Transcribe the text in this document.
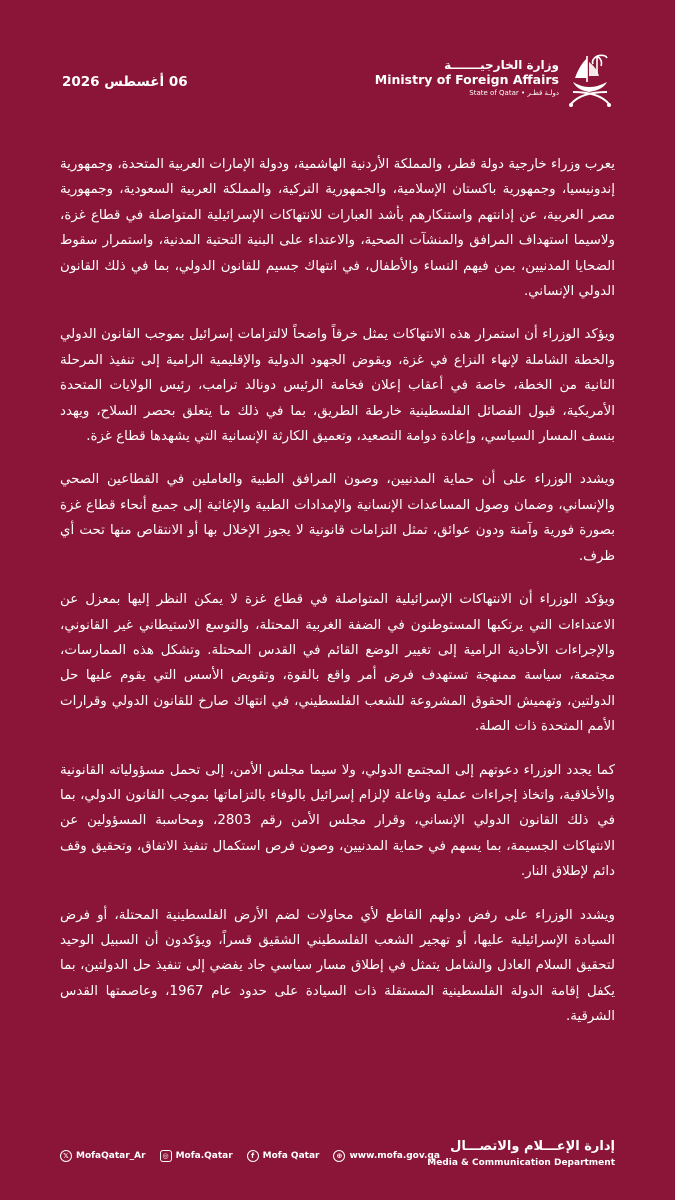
06 أغسطس 2026
وزارة الخارجيـــــــة
Ministry of Foreign Affairs
State of Qatar • دولـة قطـر

يعرب وزراء خارجية دولة قطر، والمملكة الأردنية الهاشمية، ودولة الإمارات العربية المتحدة، وجمهورية إندونيسيا، وجمهورية باكستان الإسلامية، والجمهورية التركية، والمملكة العربية السعودية، وجمهورية مصر العربية، عن إدانتهم واستنكارهم بأشد العبارات للانتهاكات الإسرائيلية المتواصلة في قطاع غزة، ولاسيما استهداف المرافق والمنشآت الصحية، والاعتداء على البنية التحتية المدنية، واستمرار سقوط الضحايا المدنيين، بمن فيهم النساء والأطفال، في انتهاك جسيم للقانون الدولي، بما في ذلك القانون الدولي الإنساني.

ويؤكد الوزراء أن استمرار هذه الانتهاكات يمثل خرقاً واضحاً لالتزامات إسرائيل بموجب القانون الدولي والخطة الشاملة لإنهاء النزاع في غزة، ويقوض الجهود الدولية والإقليمية الرامية إلى تنفيذ المرحلة الثانية من الخطة، خاصة في أعقاب إعلان فخامة الرئيس دونالد ترامب، رئيس الولايات المتحدة الأمريكية، قبول الفصائل الفلسطينية خارطة الطريق، بما في ذلك ما يتعلق بحصر السلاح، ويهدد بنسف المسار السياسي، وإعادة دوامة التصعيد، وتعميق الكارثة الإنسانية التي يشهدها قطاع غزة.

ويشدد الوزراء على أن حماية المدنيين، وصون المرافق الطبية والعاملين في القطاعين الصحي والإنساني، وضمان وصول المساعدات الإنسانية والإمدادات الطبية والإغاثية إلى جميع أنحاء قطاع غزة بصورة فورية وآمنة ودون عوائق، تمثل التزامات قانونية لا يجوز الإخلال بها أو الانتقاص منها تحت أي ظرف.

ويؤكد الوزراء أن الانتهاكات الإسرائيلية المتواصلة في قطاع غزة لا يمكن النظر إليها بمعزل عن الاعتداءات التي يرتكبها المستوطنون في الضفة الغربية المحتلة، والتوسع الاستيطاني غير القانوني، والإجراءات الأحادية الرامية إلى تغيير الوضع القائم في القدس المحتلة. وتشكل هذه الممارسات، مجتمعة، سياسة ممنهجة تستهدف فرض أمر واقع بالقوة، وتقويض الأسس التي يقوم عليها حل الدولتين، وتهميش الحقوق المشروعة للشعب الفلسطيني، في انتهاك صارخ للقانون الدولي وقرارات الأمم المتحدة ذات الصلة.

كما يجدد الوزراء دعوتهم إلى المجتمع الدولي، ولا سيما مجلس الأمن، إلى تحمل مسؤولياته القانونية والأخلاقية، واتخاذ إجراءات عملية وفاعلة لإلزام إسرائيل بالوفاء بالتزاماتها بموجب القانون الدولي، بما في ذلك القانون الدولي الإنساني، وقرار مجلس الأمن رقم 2803، ومحاسبة المسؤولين عن الانتهاكات الجسيمة، بما يسهم في حماية المدنيين، وصون فرص استكمال تنفيذ الاتفاق، وتحقيق وقف دائم لإطلاق النار.

ويشدد الوزراء على رفض دولهم القاطع لأي محاولات لضم الأرض الفلسطينية المحتلة، أو فرض السيادة الإسرائيلية عليها، أو تهجير الشعب الفلسطيني الشقيق قسراً، ويؤكدون أن السبيل الوحيد لتحقيق السلام العادل والشامل يتمثل في إطلاق مسار سياسي جاد يفضي إلى تنفيذ حل الدولتين، بما يكفل إقامة الدولة الفلسطينية المستقلة ذات السيادة على حدود عام 1967، وعاصمتها القدس الشرقية.

𝕏 MofaQatar_Ar	◎ Mofa.Qatar	f Mofa Qatar	⊕ www.mofa.gov.qa
إدارة الإعـــلام والاتصـــال
Media & Communication Department
